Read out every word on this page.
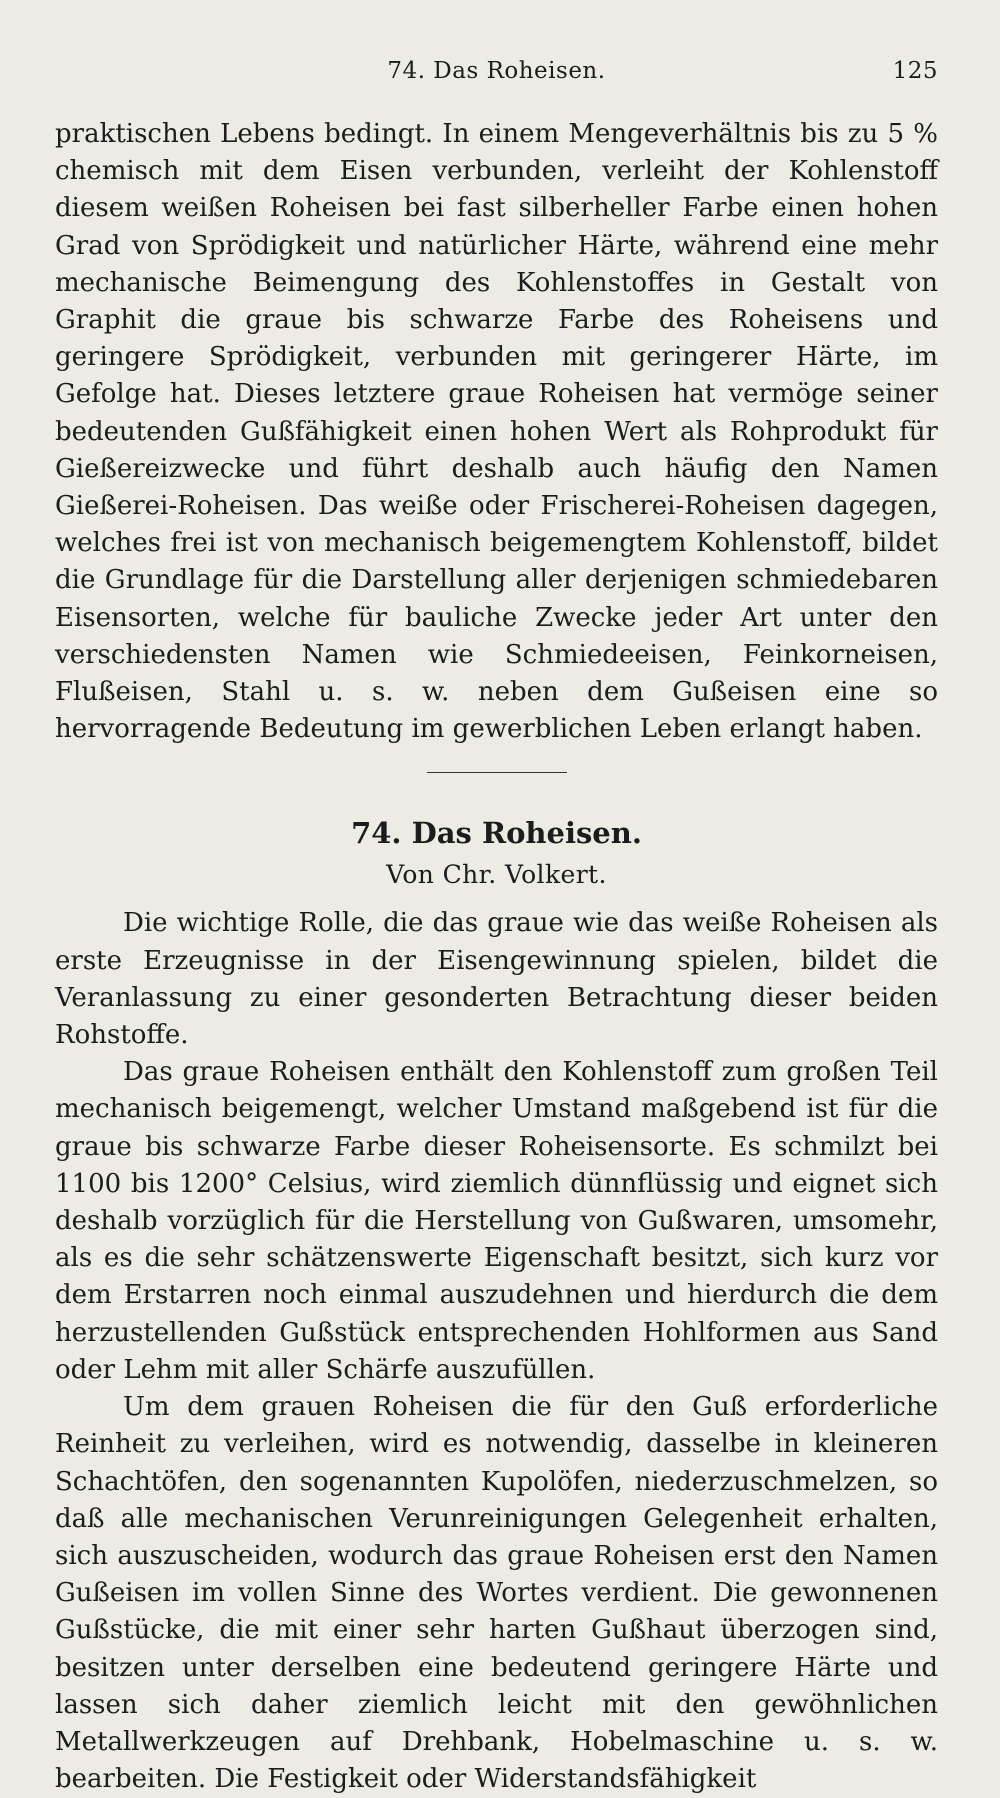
74. Das Roheisen.	125

praktischen Lebens bedingt. In einem Mengeverhältnis bis zu 5 % chemisch mit dem Eisen verbunden, verleiht der Kohlenstoff diesem weißen Roheisen bei fast silberheller Farbe einen hohen Grad von Sprödigkeit und natürlicher Härte, während eine mehr mechanische Beimengung des Kohlenstoffes in Gestalt von Graphit die graue bis schwarze Farbe des Roheisens und geringere Sprödigkeit, verbunden mit geringerer Härte, im Gefolge hat. Dieses letztere graue Roheisen hat vermöge seiner bedeutenden Gußfähigkeit einen hohen Wert als Rohprodukt für Gießereizwecke und führt deshalb auch häufig den Namen Gießerei-Roheisen. Das weiße oder Frischerei-Roheisen dagegen, welches frei ist von mechanisch beigemengtem Kohlenstoff, bildet die Grundlage für die Darstellung aller derjenigen schmiedebaren Eisensorten, welche für bauliche Zwecke jeder Art unter den verschiedensten Namen wie Schmiedeeisen, Feinkorneisen, Flußeisen, Stahl u. s. w. neben dem Gußeisen eine so hervorragende Bedeutung im gewerblichen Leben erlangt haben.

74. Das Roheisen.
Von Chr. Volkert.

Die wichtige Rolle, die das graue wie das weiße Roheisen als erste Erzeugnisse in der Eisengewinnung spielen, bildet die Veranlassung zu einer gesonderten Betrachtung dieser beiden Rohstoffe.

Das graue Roheisen enthält den Kohlenstoff zum großen Teil mechanisch beigemengt, welcher Umstand maßgebend ist für die graue bis schwarze Farbe dieser Roheisensorte. Es schmilzt bei 1100 bis 1200° Celsius, wird ziemlich dünnflüssig und eignet sich deshalb vorzüglich für die Herstellung von Gußwaren, umsomehr, als es die sehr schätzenswerte Eigenschaft besitzt, sich kurz vor dem Erstarren noch einmal auszudehnen und hierdurch die dem herzustellenden Gußstück entsprechenden Hohlformen aus Sand oder Lehm mit aller Schärfe auszufüllen.

Um dem grauen Roheisen die für den Guß erforderliche Reinheit zu verleihen, wird es notwendig, dasselbe in kleineren Schachtöfen, den sogenannten Kupolöfen, niederzuschmelzen, so daß alle mechanischen Verunreinigungen Gelegenheit erhalten, sich auszuscheiden, wodurch das graue Roheisen erst den Namen Gußeisen im vollen Sinne des Wortes verdient. Die gewonnenen Gußstücke, die mit einer sehr harten Gußhaut überzogen sind, besitzen unter derselben eine bedeutend geringere Härte und lassen sich daher ziemlich leicht mit den gewöhnlichen Metallwerkzeugen auf Drehbank, Hobelmaschine u. s. w. bearbeiten. Die Festigkeit oder Widerstandsfähigkeit
